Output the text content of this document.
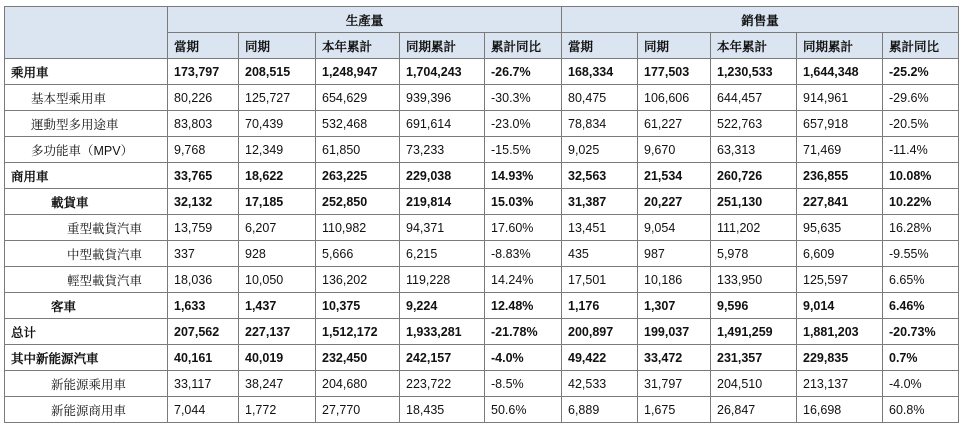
	生產量					銷售量				
	當期	同期	本年累計	同期累計	累計同比	當期	同期	本年累計	同期累計	累計同比
乘用車	173,797	208,515	1,248,947	1,704,243	-26.7%	168,334	177,503	1,230,533	1,644,348	-25.2%
基本型乘用車	80,226	125,727	654,629	939,396	-30.3%	80,475	106,606	644,457	914,961	-29.6%
運動型多用途車	83,803	70,439	532,468	691,614	-23.0%	78,834	61,227	522,763	657,918	-20.5%
多功能車（MPV）	9,768	12,349	61,850	73,233	-15.5%	9,025	9,670	63,313	71,469	-11.4%
商用車	33,765	18,622	263,225	229,038	14.93%	32,563	21,534	260,726	236,855	10.08%
載貨車	32,132	17,185	252,850	219,814	15.03%	31,387	20,227	251,130	227,841	10.22%
重型載貨汽車	13,759	6,207	110,982	94,371	17.60%	13,451	9,054	111,202	95,635	16.28%
中型載貨汽車	337	928	5,666	6,215	-8.83%	435	987	5,978	6,609	-9.55%
輕型載貨汽車	18,036	10,050	136,202	119,228	14.24%	17,501	10,186	133,950	125,597	6.65%
客車	1,633	1,437	10,375	9,224	12.48%	1,176	1,307	9,596	9,014	6.46%
总计	207,562	227,137	1,512,172	1,933,281	-21.78%	200,897	199,037	1,491,259	1,881,203	-20.73%
其中新能源汽車	40,161	40,019	232,450	242,157	-4.0%	49,422	33,472	231,357	229,835	0.7%
新能源乘用車	33,117	38,247	204,680	223,722	-8.5%	42,533	31,797	204,510	213,137	-4.0%
新能源商用車	7,044	1,772	27,770	18,435	50.6%	6,889	1,675	26,847	16,698	60.8%
